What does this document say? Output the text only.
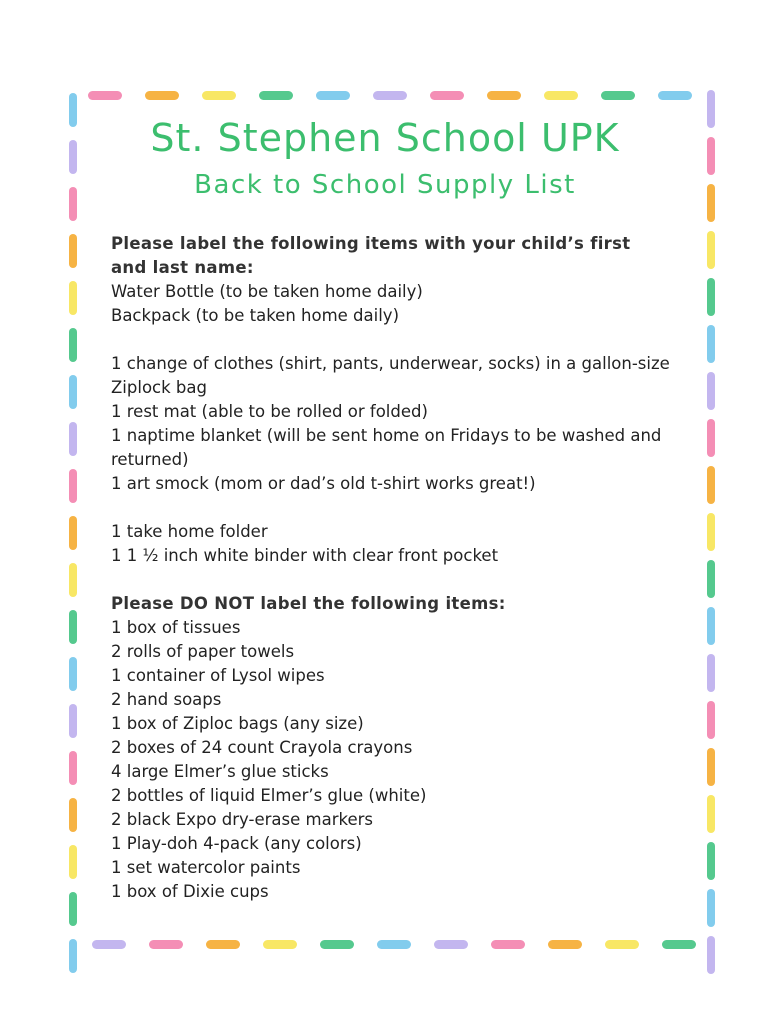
St. Stephen School UPK
Back to School Supply List
Please label the following items with your child’s first and last name:
Water Bottle (to be taken home daily)
Backpack (to be taken home daily)
1 change of clothes (shirt, pants, underwear, socks) in a gallon-size Ziplock bag
1 rest mat (able to be rolled or folded)
1 naptime blanket (will be sent home on Fridays to be washed and returned)
1 art smock (mom or dad’s old t-shirt works great!)
1 take home folder
1 1 ½ inch white binder with clear front pocket
Please DO NOT label the following items:
1 box of tissues
2 rolls of paper towels
1 container of Lysol wipes
2 hand soaps
1 box of Ziploc bags (any size)
2 boxes of 24 count Crayola crayons
4 large Elmer’s glue sticks
2 bottles of liquid Elmer’s glue (white)
2 black Expo dry-erase markers
1 Play-doh 4-pack (any colors)
1 set watercolor paints
1 box of Dixie cups
